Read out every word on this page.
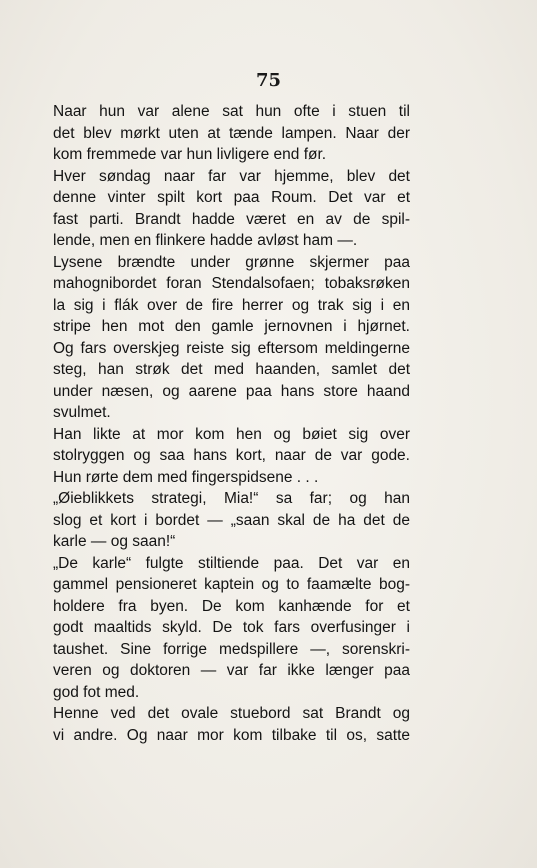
75
Naar hun var alene sat hun ofte i stuen til
det blev mørkt uten at tænde lampen. Naar der
kom fremmede var hun livligere end før.
Hver søndag naar far var hjemme, blev det
denne vinter spilt kort paa Roum. Det var et
fast parti. Brandt hadde været en av de spil-
lende, men en flinkere hadde avløst ham —.
Lysene brændte under grønne skjermer paa
mahognibordet foran Stendalsofaen; tobaksrøken
la sig i flák over de fire herrer og trak sig i en
stripe hen mot den gamle jernovnen i hjørnet.
Og fars overskjeg reiste sig eftersom meldingerne
steg, han strøk det med haanden, samlet det
under næsen, og aarene paa hans store haand
svulmet.
Han likte at mor kom hen og bøiet sig over
stolryggen og saa hans kort, naar de var gode.
Hun rørte dem med fingerspidsene . . .
„Øieblikkets strategi, Mia!“ sa far; og han
slog et kort i bordet — „saan skal de ha det de
karle — og saan!“
„De karle“ fulgte stiltiende paa. Det var en
gammel pensioneret kaptein og to faamælte bog-
holdere fra byen. De kom kanhænde for et
godt maaltids skyld. De tok fars overfusinger i
taushet. Sine forrige medspillere —, sorenskri-
veren og doktoren — var far ikke længer paa
god fot med.
Henne ved det ovale stuebord sat Brandt og
vi andre. Og naar mor kom tilbake til os, satte
